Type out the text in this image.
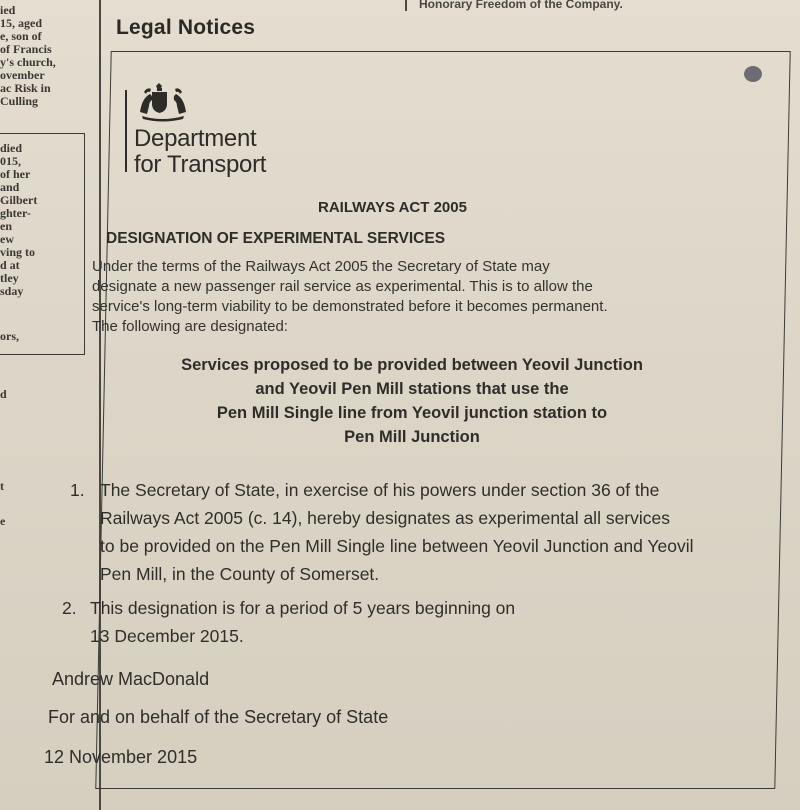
Honorary Freedom of the Company.
ied
15, aged
e, son of
of Francis
y's church,
ovember
ac Risk in
Culling
died
015,
of her
and
Gilbert
ghter-
en
ew
ving to
d at
tley
sday
ors,
d
t
e
Legal Notices
Department
for Transport
RAILWAYS ACT 2005
DESIGNATION OF EXPERIMENTAL SERVICES
Under the terms of the Railways Act 2005 the Secretary of State may
designate a new passenger rail service as experimental. This is to allow the
service's long-term viability to be demonstrated before it becomes permanent.
The following are designated:
Services proposed to be provided between Yeovil Junction
and Yeovil Pen Mill stations that use the
Pen Mill Single line from Yeovil junction station to
Pen Mill Junction
1. The Secretary of State, in exercise of his powers under section 36 of the
Railways Act 2005 (c. 14), hereby designates as experimental all services
to be provided on the Pen Mill Single line between Yeovil Junction and Yeovil
Pen Mill, in the County of Somerset.
2. This designation is for a period of 5 years beginning on
13 December 2015.
Andrew MacDonald
For and on behalf of the Secretary of State
12 November 2015
